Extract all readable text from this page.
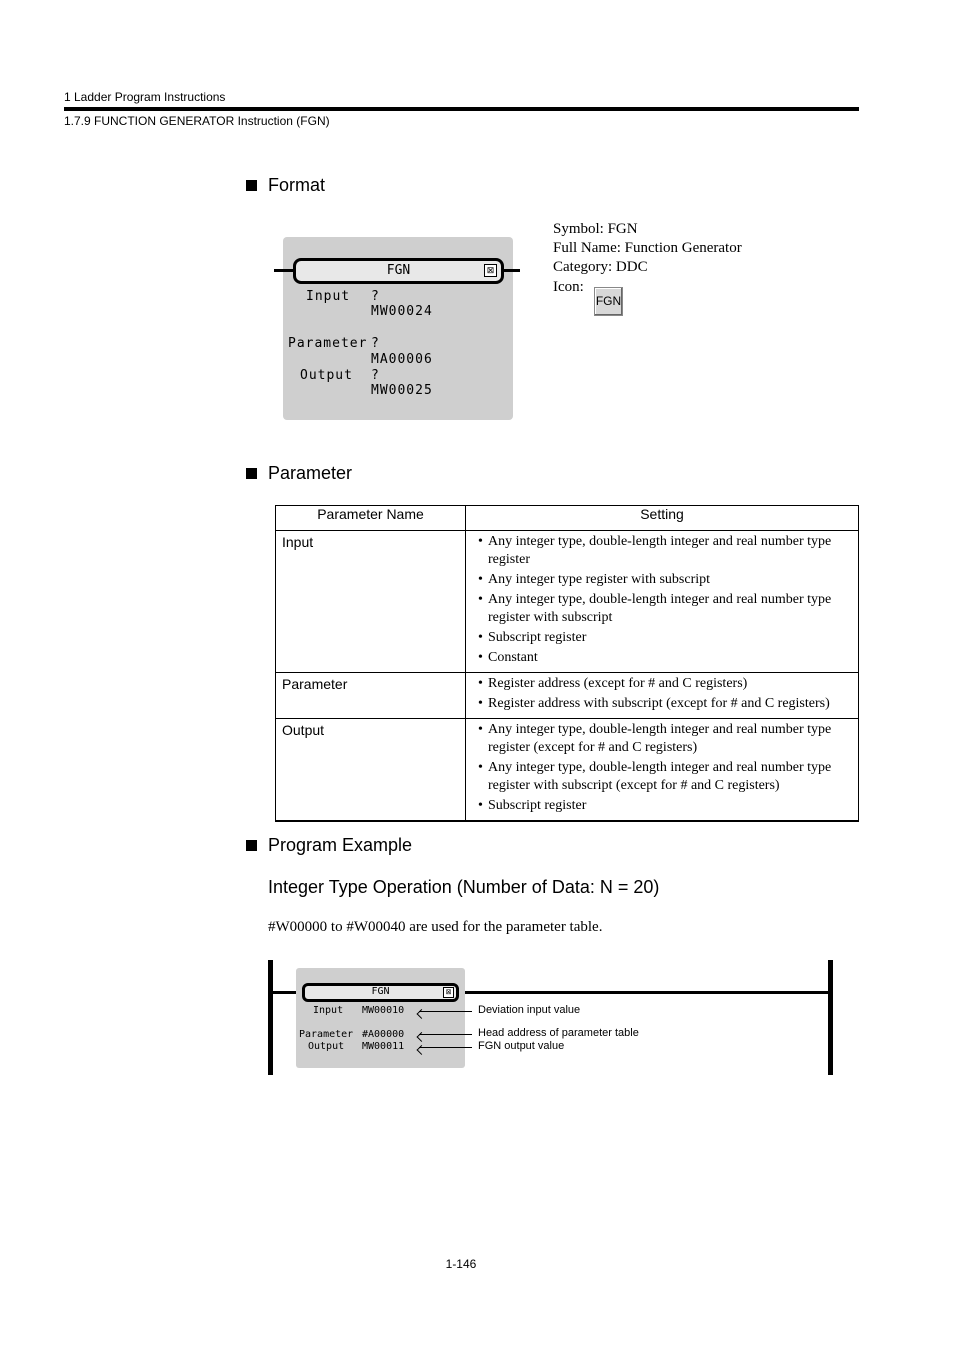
1 Ladder Program Instructions
1.7.9 FUNCTION GENERATOR Instruction (FGN)
Format
FGN	⊠
Input ?
MW00024
Parameter ?
MA00006
Output ?
MW00025
Symbol: FGN
Full Name: Function Generator
Category: DDC
Icon:
FGN
Parameter
Parameter Name	Setting
Input	• Any integer type, double-length integer and real number type register
• Any integer type register with subscript
• Any integer type, double-length integer and real number type register with subscript
• Subscript register
• Constant

Parameter	• Register address (except for # and C registers)
• Register address with subscript (except for # and C registers)

Output	• Any integer type, double-length integer and real number type register (except for # and C registers)
• Any integer type, double-length integer and real number type register with subscript (except for # and C registers)
• Subscript register
Program Example
Integer Type Operation (Number of Data: N = 20)
#W00000 to #W00040 are used for the parameter table.
FGN	⊠
Input MW00010
Parameter #A00000
Output MW00011
Deviation input value
Head address of parameter table
FGN output value
1-146
